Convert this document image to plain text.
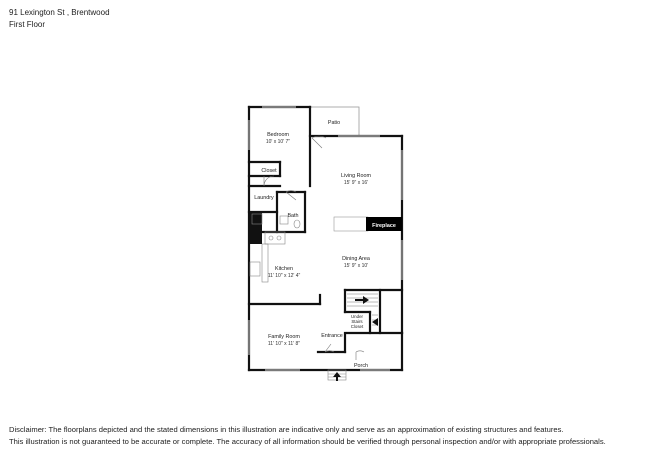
91 Lexington St , Brentwood
First Floor
Bedroom
10' x 10' 7"
Patio
Closet
Living Room
15' 9" x 16'
Laundry
Bath
Fireplace
Dining Area
15' 9" x 10'
Kitchen
11' 10" x 12' 4"
Under
Stairs
Closet
Family Room
11' 10" x 11' 8"
Entrance
Porch
Disclaimer: The floorplans depicted and the stated dimensions in this illustration are indicative only and serve as an approximation of existing structures and features.
This illustration is not guaranteed to be accurate or complete. The accuracy of all information should be verified through personal inspection and/or with appropriate professionals.
